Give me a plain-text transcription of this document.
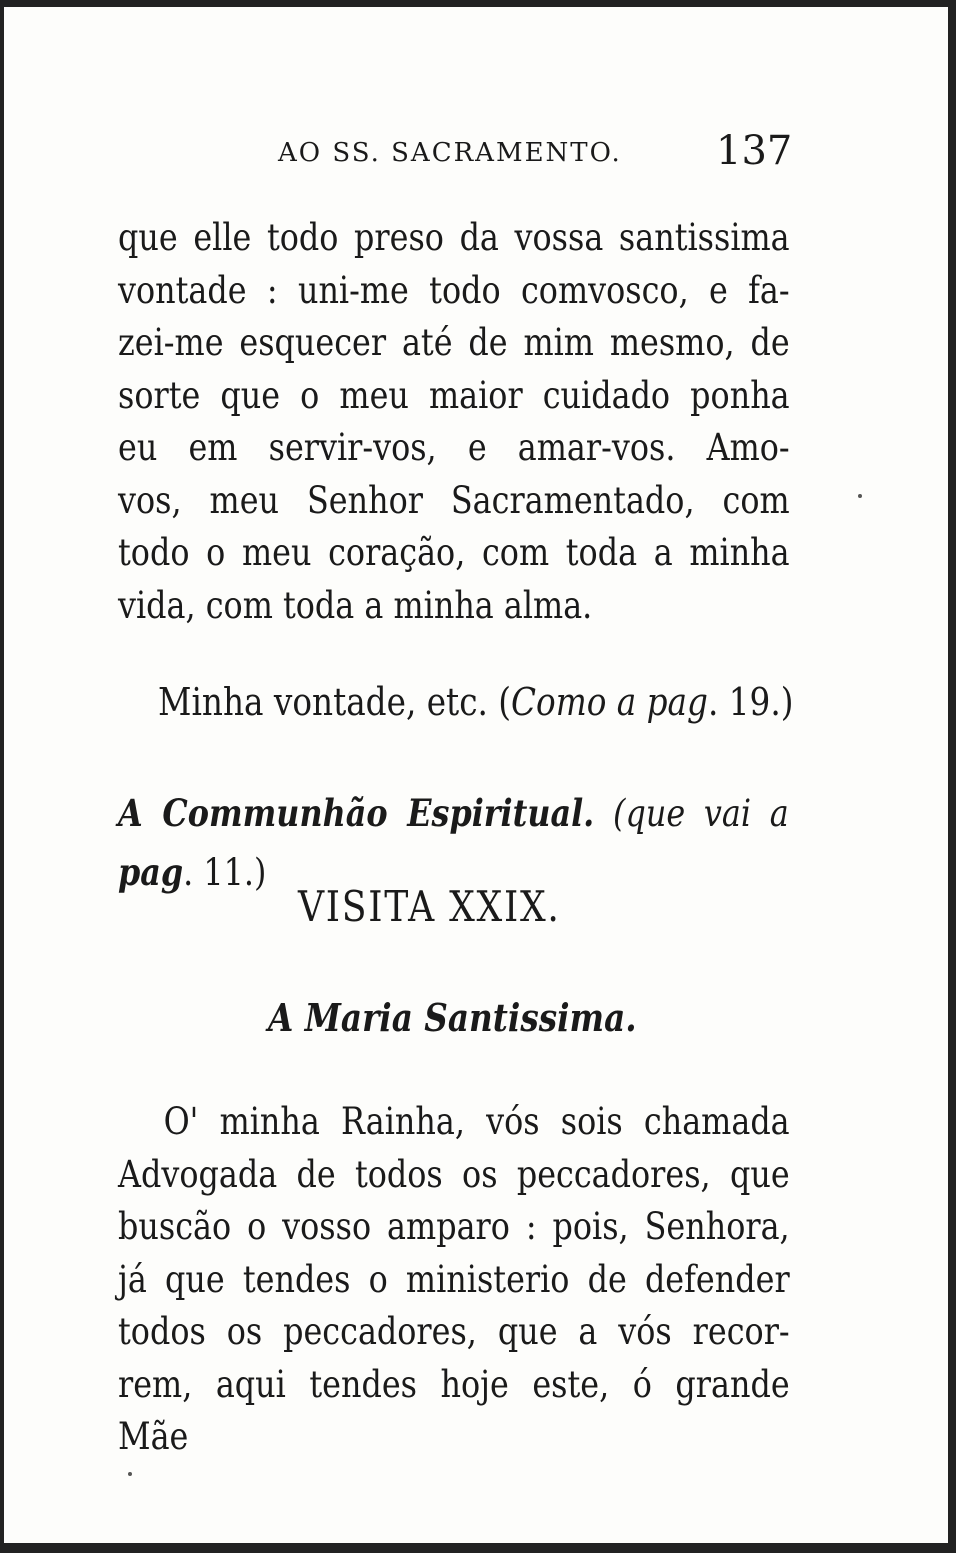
AO SS. SACRAMENTO. 137
que elle todo preso da vossa santissima
vontade : uni-me todo comvosco, e fa-
zei-me esquecer até de mim mesmo, de
sorte que o meu maior cuidado ponha
eu em servir-vos, e amar-vos. Amo-
vos, meu Senhor Sacramentado, com
todo o meu coração, com toda a minha
vida, com toda a minha alma.
Minha vontade, etc. (Como a pag. 19.)
A Communhão Espiritual. (que vai a
pag. 11.)
VISITA XXIX.
A Maria Santissima.
O' minha Rainha, vós sois chamada
Advogada de todos os peccadores, que
buscão o vosso amparo : pois, Senhora,
já que tendes o ministerio de defender
todos os peccadores, que a vós recor-
rem, aqui tendes hoje este, ó grande Mãe
